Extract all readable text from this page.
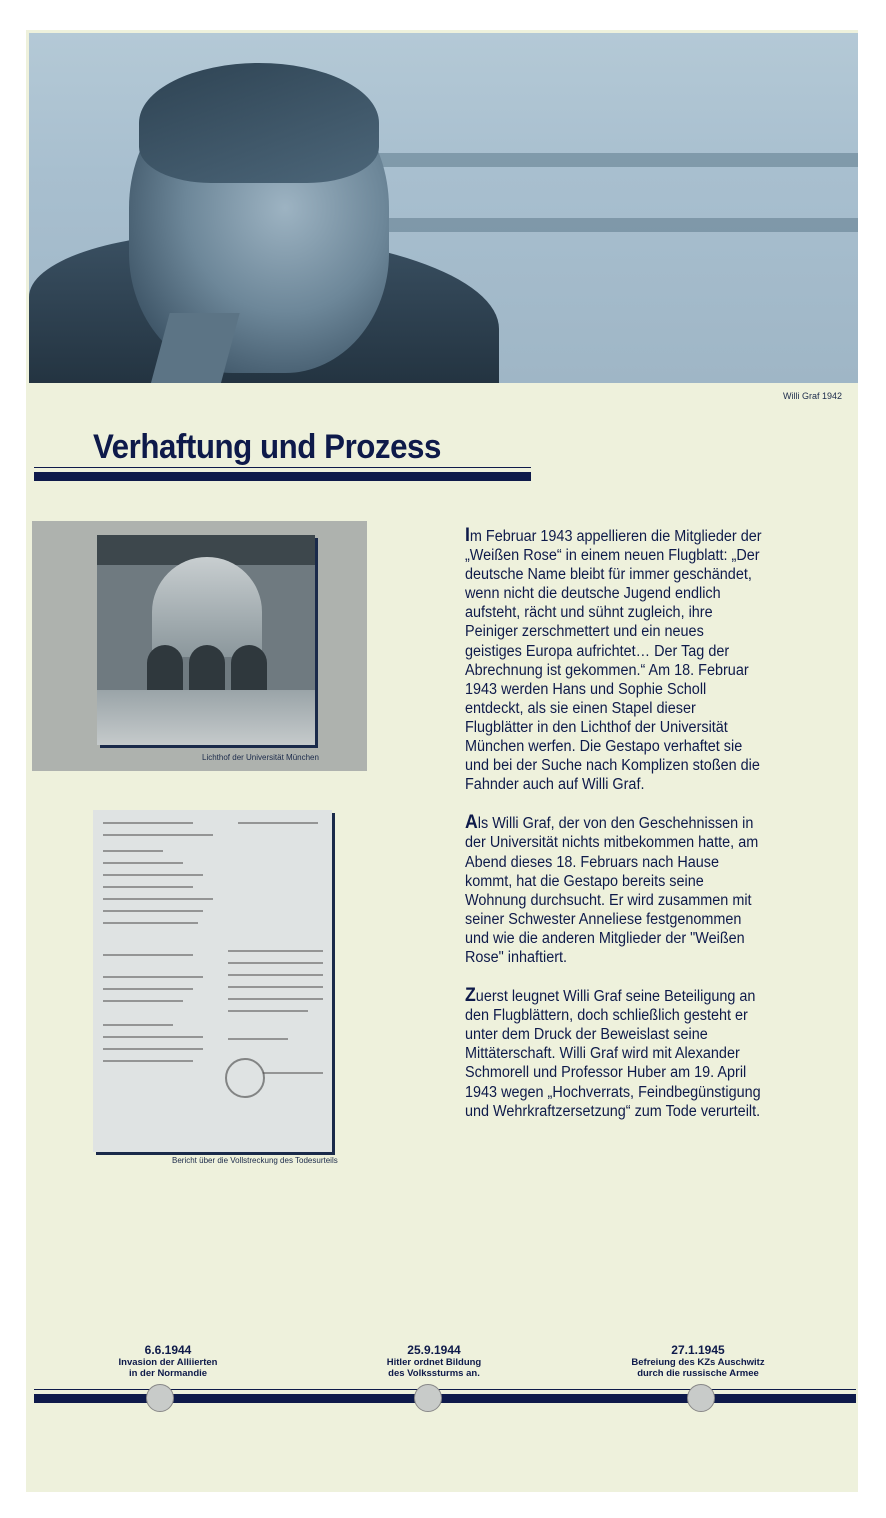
Willi Graf 1942
Verhaftung und Prozess
Lichthof der Universität München
Bericht über die Vollstreckung des Todesurteils

Im Februar 1943 appellieren die Mitglieder der „Weißen Rose“ in einem neuen Flugblatt: „Der deutsche Name bleibt für immer geschändet, wenn nicht die deutsche Jugend endlich aufsteht, rächt und sühnt zugleich, ihre Peiniger zerschmettert und ein neues geistiges Europa aufrichtet… Der Tag der Abrechnung ist gekommen.“ Am 18. Februar 1943 werden Hans und Sophie Scholl entdeckt, als sie einen Stapel dieser Flugblätter in den Lichthof der Universität München werfen. Die Gestapo verhaftet sie und bei der Suche nach Komplizen stoßen die Fahnder auch auf Willi Graf.

Als Willi Graf, der von den Geschehnissen in der Universität nichts mitbekommen hatte, am Abend dieses 18. Februars nach Hause kommt, hat die Gestapo bereits seine Wohnung durchsucht. Er wird zusammen mit seiner Schwester Anneliese festgenommen und wie die anderen Mitglieder der "Weißen Rose" inhaftiert.

Zuerst leugnet Willi Graf seine Beteiligung an den Flugblättern, doch schließlich gesteht er unter dem Druck der Beweislast seine Mittäterschaft. Willi Graf wird mit Alexander Schmorell und Professor Huber am 19. April 1943 wegen „Hochverrats, Feindbegünstigung und Wehrkraftzersetzung“ zum Tode verurteilt.

6.6.1944
Invasion der Alliierten
in der Normandie
25.9.1944
Hitler ordnet Bildung
des Volkssturms an.
27.1.1945
Befreiung des KZs Auschwitz
durch die russische Armee
